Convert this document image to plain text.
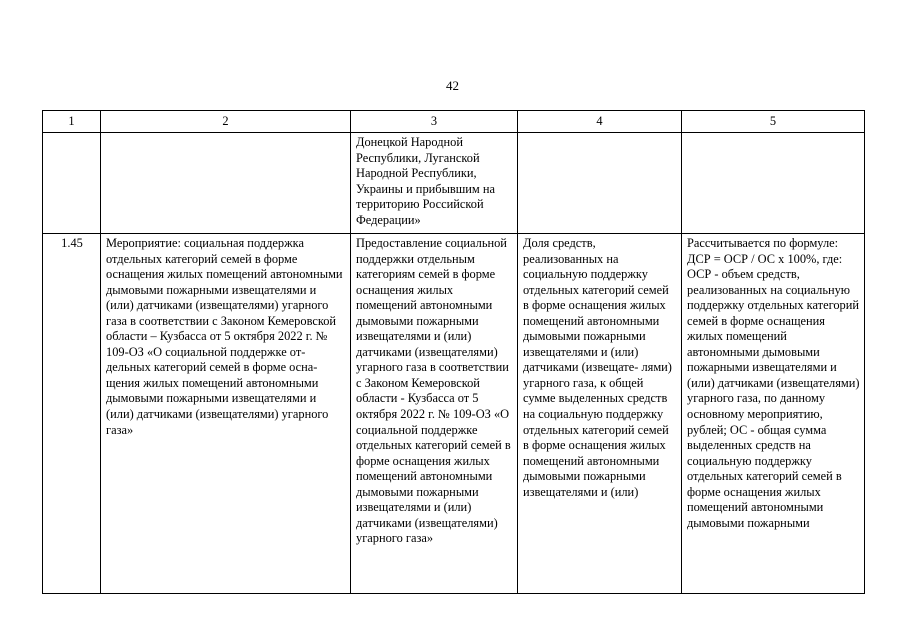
42
1	2	3	4	5
		Донецкой Народной Республики, Луганской Народной Республики, Украины и прибывшим на территорию Российской Федерации»		
1.45	Мероприятие: социальная поддержка отдельных категорий семей в форме оснащения жилых помещений автономными дымовыми пожарными извещателями и (или) датчиками (извещателями) угарного газа в соответствии с Законом Кемеровской области – Кузбасса от 5 октября 2022 г. № 109-ОЗ «О социальной поддержке от- дельных категорий семей в форме осна- щения жилых помещений автономными дымовыми пожарными извещателями и (или) датчиками (извещателями) угарного газа»	Предоставление социальной поддержки отдельным категориям семей в форме оснащения жилых помещений автономными дымовыми пожарными извещателями и (или) датчиками (извещателями) угарного газа в соответствии с Законом Кемеровской области - Кузбасса от 5 октября 2022 г. № 109-ОЗ «О социальной поддержке отдельных категорий семей в форме оснащения жилых помещений автономными дымовыми пожарными извещателями и (или) датчиками (извещателями) угарного газа»	Доля средств, реализованных на социальную поддержку отдельных категорий семей в форме оснащения жилых помещений автономными дымовыми пожарными извещателями и (или) датчиками (извещате- лями) угарного газа, к общей сумме выделенных средств на социальную поддержку отдельных категорий семей в форме оснащения жилых помещений автономными дымовыми пожарными извещателями и (или)	Рассчитывается по формуле: ДСР = ОСР / ОС х 100%, где: ОСР - объем средств, реализованных на социальную поддержку отдельных категорий семей в форме оснащения жилых помещений автономными дымовыми пожарными извещателями и (или) датчиками (извещателями) угарного газа, по данному основному мероприятию, рублей; ОС - общая сумма выделенных средств на социальную поддержку отдельных категорий семей в форме оснащения жилых помещений автономными дымовыми пожарными
